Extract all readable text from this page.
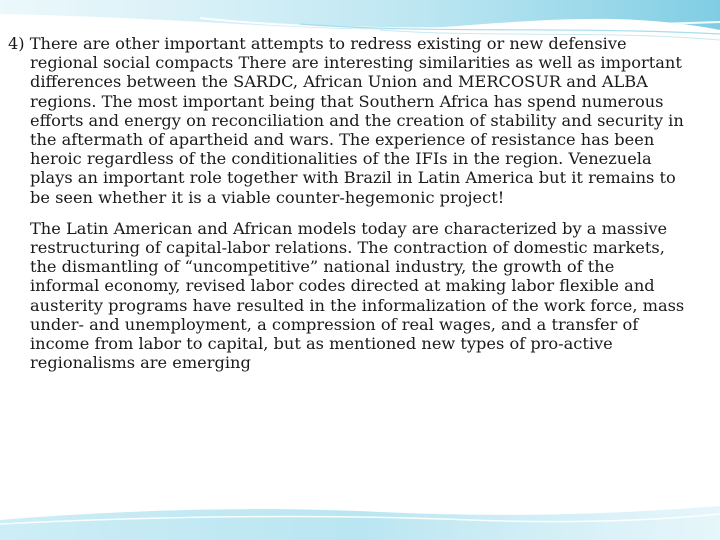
4) There are other important attempts to redress existing or new defensive regional social compacts There are interesting similarities as well as important differences between the SARDC, African Union and MERCOSUR and ALBA regions. The most important being that Southern Africa has spend numerous efforts and energy on reconciliation and the creation of stability and security in the aftermath of apartheid and wars. The experience of resistance has been heroic regardless of the conditionalities of the IFIs in the region. Venezuela plays an important role together with Brazil in Latin America but it remains to be seen whether it is a viable counter-hegemonic project!

The Latin American and African models today are characterized by a massive restructuring of capital-labor relations. The contraction of domestic markets, the dismantling of “uncompetitive” national industry, the growth of the informal economy, revised labor codes directed at making labor flexible and austerity programs have resulted in the informalization of the work force, mass under- and unemployment, a compression of real wages, and a transfer of income from labor to capital, but as mentioned new types of pro-active regionalisms are emerging
